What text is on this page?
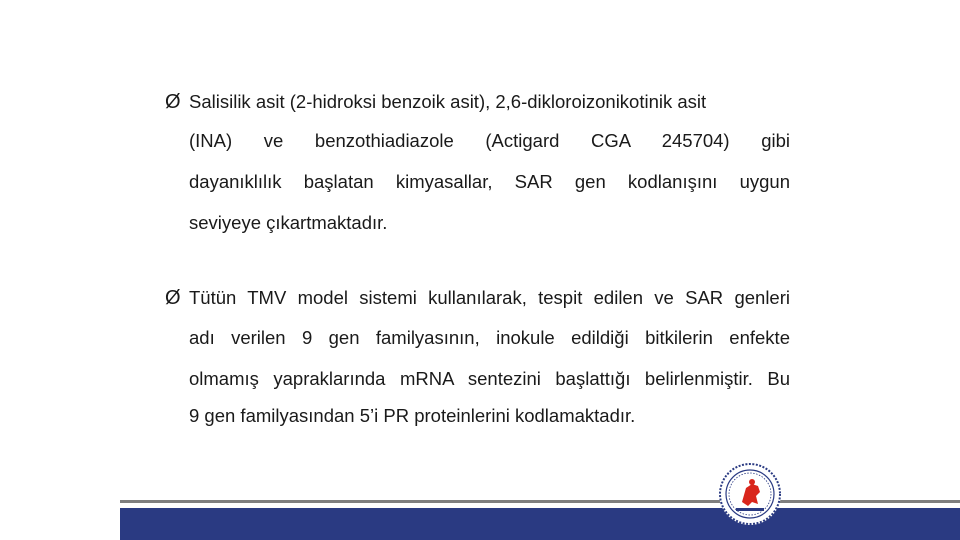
Ø Salisilik asit (2-hidroksi benzoik asit), 2,6-dikloroizonikotinik asit
(INA) ve benzothiadiazole (Actigard CGA 245704) gibi
dayanıklılık başlatan kimyasallar, SAR gen kodlanışını uygun
seviyeye çıkartmaktadır.
Ø Tütün TMV model sistemi kullanılarak, tespit edilen ve SAR genleri
adı verilen 9 gen familyasının, inokule edildiği bitkilerin enfekte
olmamış yapraklarında mRNA sentezini başlattığı belirlenmiştir. Bu
9 gen familyasından 5’i PR proteinlerini kodlamaktadır.
